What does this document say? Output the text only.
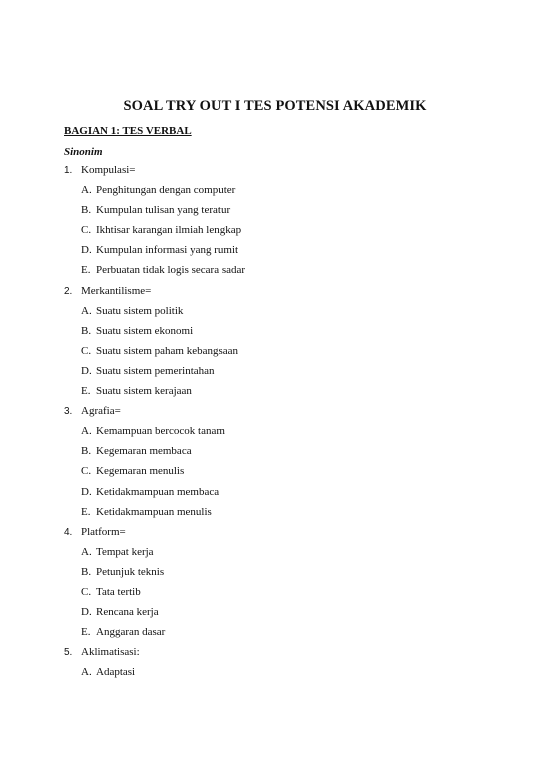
SOAL TRY OUT I TES POTENSI AKADEMIK
BAGIAN 1: TES VERBAL
Sinonim
1. Kompulasi=
A. Penghitungan dengan computer
B. Kumpulan tulisan yang teratur
C. Ikhtisar karangan ilmiah lengkap
D. Kumpulan informasi yang rumit
E. Perbuatan tidak logis secara sadar
2. Merkantilisme=
A. Suatu sistem politik
B. Suatu sistem ekonomi
C. Suatu sistem paham kebangsaan
D. Suatu sistem pemerintahan
E. Suatu sistem kerajaan
3. Agrafia=
A. Kemampuan bercocok tanam
B. Kegemaran membaca
C. Kegemaran menulis
D. Ketidakmampuan membaca
E. Ketidakmampuan menulis
4. Platform=
A. Tempat kerja
B. Petunjuk teknis
C. Tata tertib
D. Rencana kerja
E. Anggaran dasar
5. Aklimatisasi:
A. Adaptasi
